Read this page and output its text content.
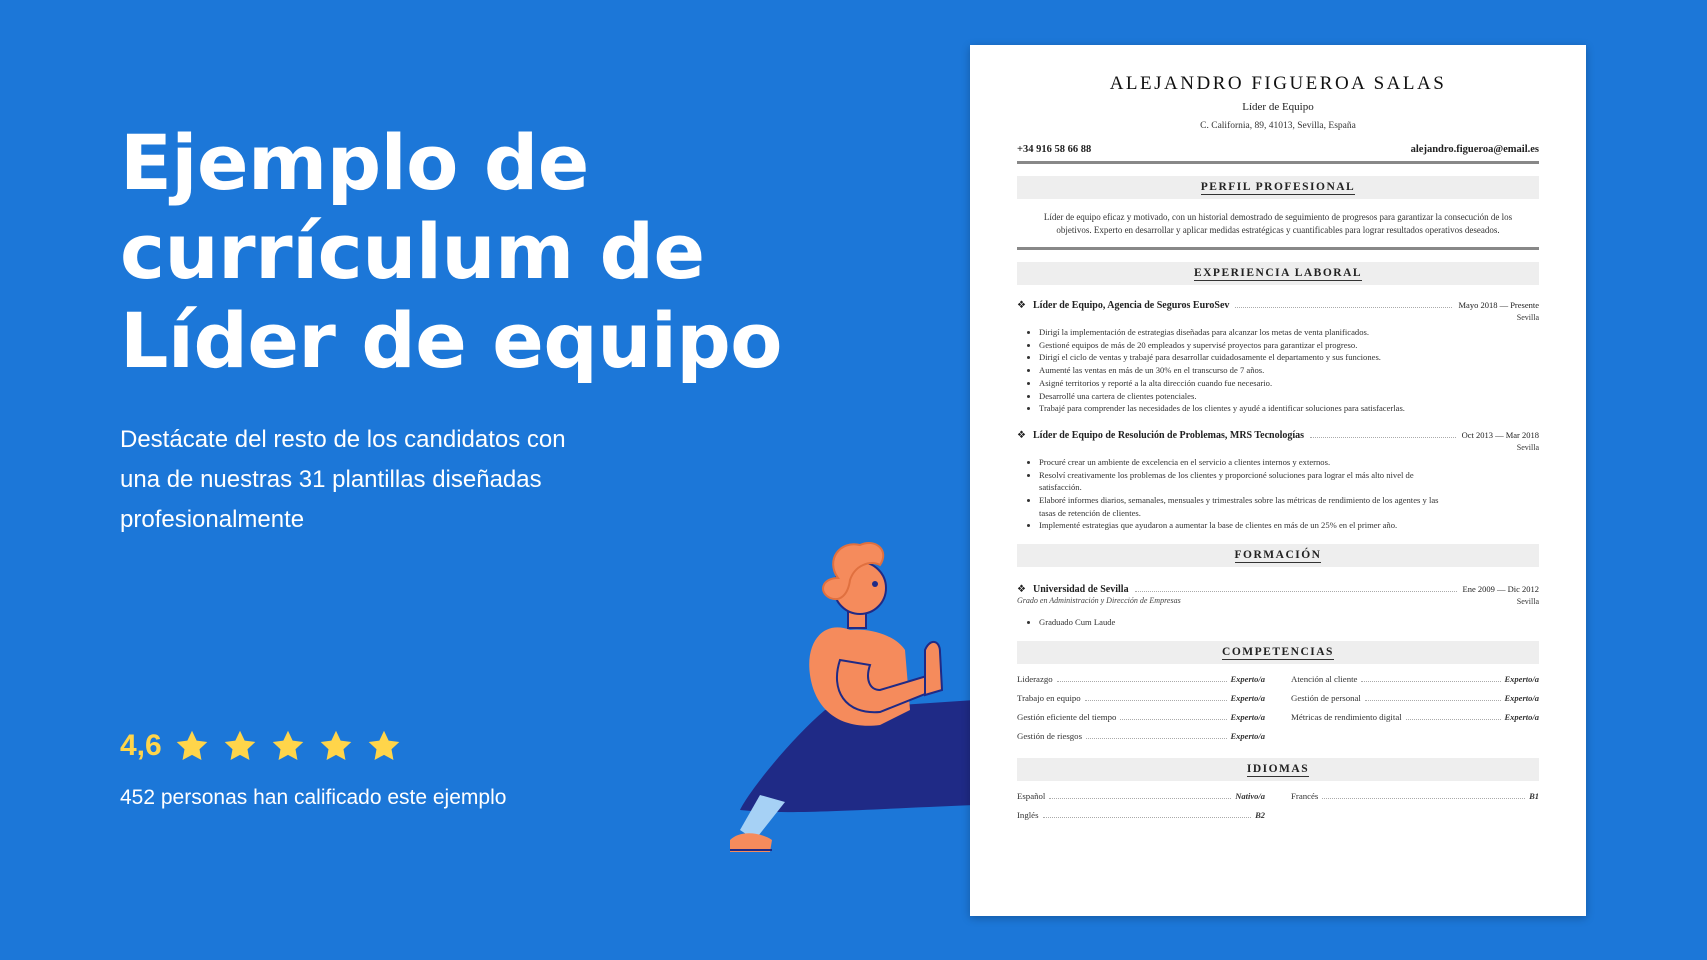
Ejemplo de
currículum de
Líder de equipo

Destácate del resto de los candidatos con una de nuestras 31 plantillas diseñadas profesionalmente

4,6
452 personas han calificado este ejemplo
ALEJANDRO FIGUEROA SALAS
Líder de Equipo
C. California, 89, 41013, Sevilla, España
+34 916 58 66 88	alejandro.figueroa@email.es
PERFIL PROFESIONAL
Líder de equipo eficaz y motivado, con un historial demostrado de seguimiento de progresos para garantizar la consecución de los objetivos. Experto en desarrollar y aplicar medidas estratégicas y cuantificables para lograr resultados operativos deseados.
EXPERIENCIA LABORAL
❖ Líder de Equipo, Agencia de Seguros EuroSev	Mayo 2018 — Presente
Sevilla
• Dirigí la implementación de estrategias diseñadas para alcanzar los metas de venta planificados.
• Gestioné equipos de más de 20 empleados y supervisé proyectos para garantizar el progreso.
• Dirigí el ciclo de ventas y trabajé para desarrollar cuidadosamente el departamento y sus funciones.
• Aumenté las ventas en más de un 30% en el transcurso de 7 años.
• Asigné territorios y reporté a la alta dirección cuando fue necesario.
• Desarrollé una cartera de clientes potenciales.
• Trabajé para comprender las necesidades de los clientes y ayudé a identificar soluciones para satisfacerlas.
❖ Líder de Equipo de Resolución de Problemas, MRS Tecnologías	Oct 2013 — Mar 2018
Sevilla
• Procuré crear un ambiente de excelencia en el servicio a clientes internos y externos.
• Resolví creativamente los problemas de los clientes y proporcioné soluciones para lograr el más alto nivel de satisfacción.
• Elaboré informes diarios, semanales, mensuales y trimestrales sobre las métricas de rendimiento de los agentes y las tasas de retención de clientes.
• Implementé estrategias que ayudaron a aumentar la base de clientes en más de un 25% en el primer año.
FORMACIÓN
❖ Universidad de Sevilla	Ene 2009 — Dic 2012
Grado en Administración y Dirección de Empresas	Sevilla
• Graduado Cum Laude
COMPETENCIAS
Liderazgo	Experto/a	Atención al cliente	Experto/a
Trabajo en equipo	Experto/a	Gestión de personal	Experto/a
Gestión eficiente del tiempo	Experto/a	Métricas de rendimiento digital	Experto/a
Gestión de riesgos	Experto/a
IDIOMAS
Español	Nativo/a	Francés	B1
Inglés	B2
